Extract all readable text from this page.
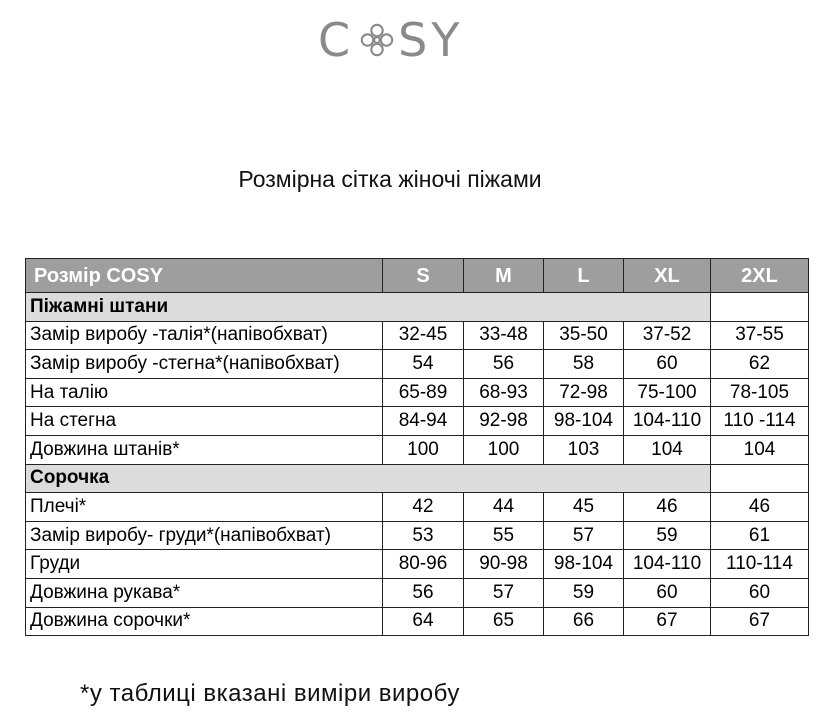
C SY
Розмірна сітка жіночі піжами
Розмір COSY	S	M	L	XL	2XL
Піжамні штани					
Замір виробу -талія*(напівобхват)	32-45	33-48	35-50	37-52	37-55
Замір виробу -стегна*(напівобхват)	54	56	58	60	62
На талію	65-89	68-93	72-98	75-100	78-105
На стегна	84-94	92-98	98-104	104-110	110 -114
Довжина штанів*	100	100	103	104	104
Сорочка					
Плечі*	42	44	45	46	46
Замір виробу- груди*(напівобхват)	53	55	57	59	61
Груди	80-96	90-98	98-104	104-110	110-114
Довжина рукава*	56	57	59	60	60
Довжина сорочки*	64	65	66	67	67
*у таблиці вказані виміри виробу
